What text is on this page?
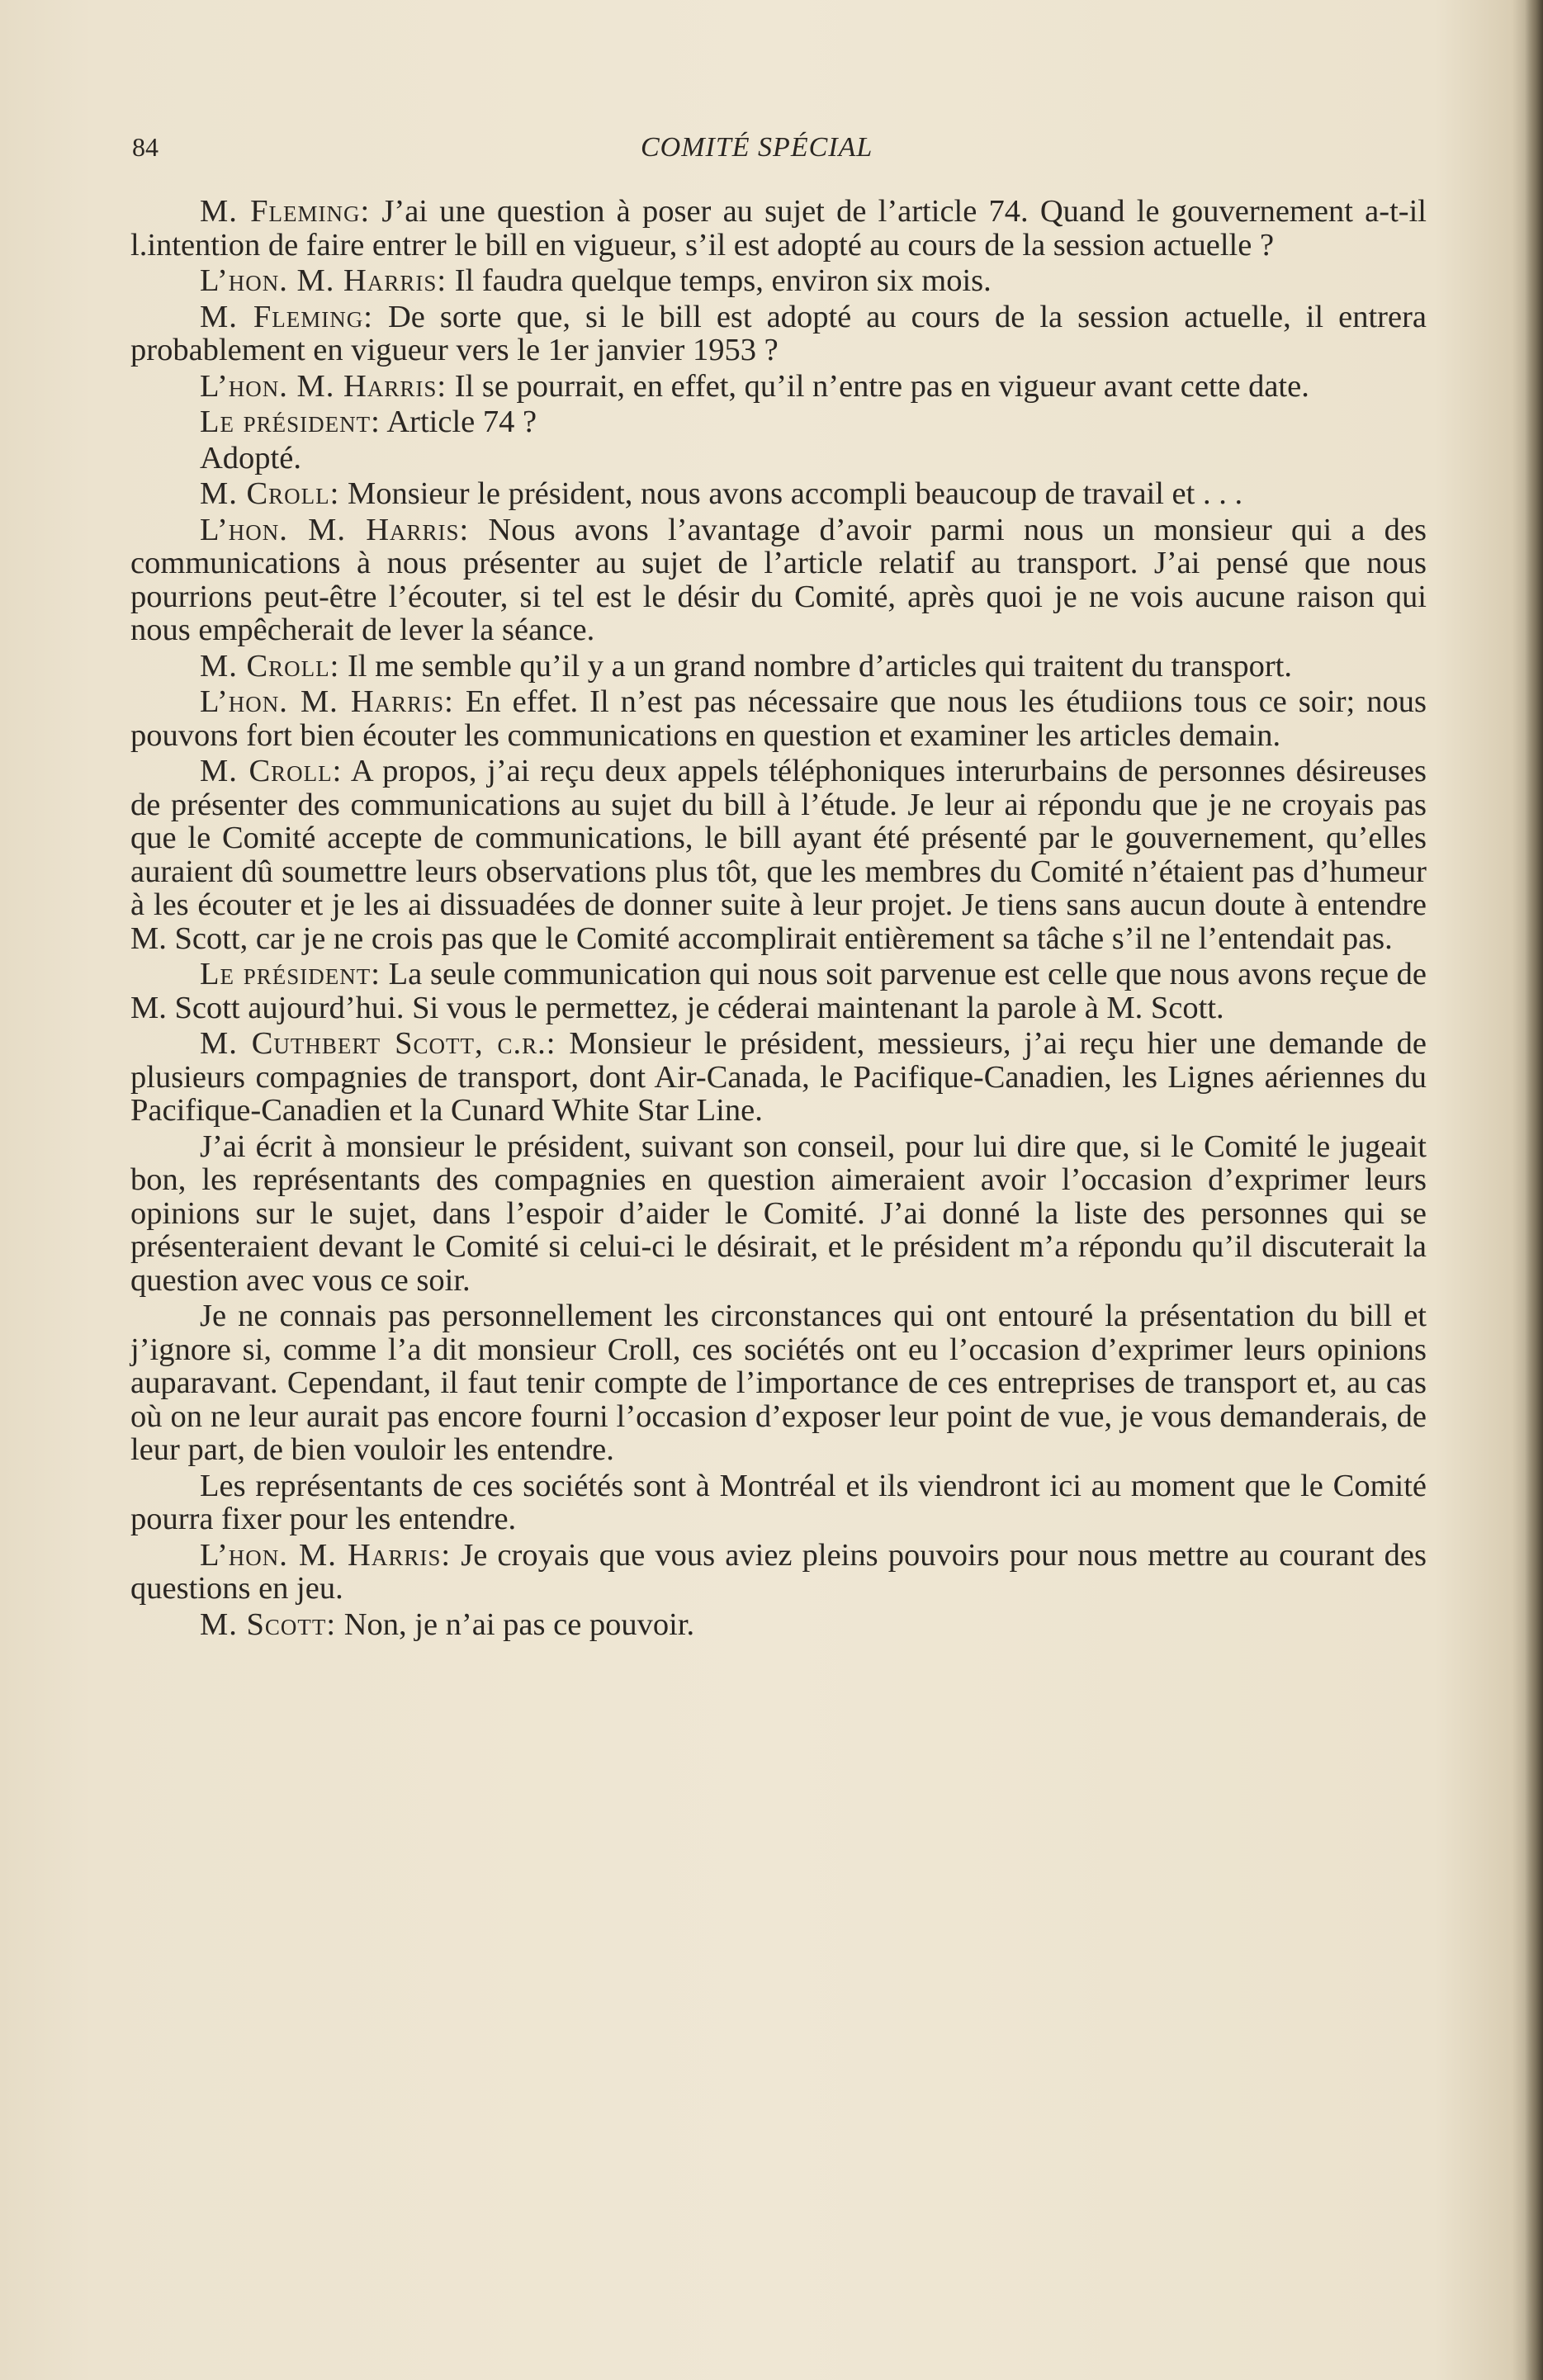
84	COMITÉ SPÉCIAL

M. Fleming: J’ai une question à poser au sujet de l’article 74. Quand le gouvernement a-t-il l.intention de faire entrer le bill en vigueur, s’il est adopté au cours de la session actuelle ?

L’hon. M. Harris: Il faudra quelque temps, environ six mois.

M. Fleming: De sorte que, si le bill est adopté au cours de la session actuelle, il entrera probablement en vigueur vers le 1er janvier 1953 ?

L’hon. M. Harris: Il se pourrait, en effet, qu’il n’entre pas en vigueur avant cette date.

Le président: Article 74 ?

Adopté.

M. Croll: Monsieur le président, nous avons accompli beaucoup de travail et . . .

L’hon. M. Harris: Nous avons l’avantage d’avoir parmi nous un monsieur qui a des communications à nous présenter au sujet de l’article relatif au transport. J’ai pensé que nous pourrions peut-être l’écouter, si tel est le désir du Comité, après quoi je ne vois aucune raison qui nous empêcherait de lever la séance.

M. Croll: Il me semble qu’il y a un grand nombre d’articles qui traitent du transport.

L’hon. M. Harris: En effet. Il n’est pas nécessaire que nous les étudiions tous ce soir; nous pouvons fort bien écouter les communications en question et examiner les articles demain.

M. Croll: A propos, j’ai reçu deux appels téléphoniques interurbains de personnes désireuses de présenter des communications au sujet du bill à l’étude. Je leur ai répondu que je ne croyais pas que le Comité accepte de communications, le bill ayant été présenté par le gouvernement, qu’elles auraient dû soumettre leurs observations plus tôt, que les membres du Comité n’étaient pas d’humeur à les écouter et je les ai dissuadées de donner suite à leur projet. Je tiens sans aucun doute à entendre M. Scott, car je ne crois pas que le Comité accomplirait entièrement sa tâche s’il ne l’entendait pas.

Le président: La seule communication qui nous soit parvenue est celle que nous avons reçue de M. Scott aujourd’hui. Si vous le permettez, je céderai maintenant la parole à M. Scott.

M. Cuthbert Scott, c.r.: Monsieur le président, messieurs, j’ai reçu hier une demande de plusieurs compagnies de transport, dont Air-Canada, le Pacifique-Canadien, les Lignes aériennes du Pacifique-Canadien et la Cunard White Star Line.

J’ai écrit à monsieur le président, suivant son conseil, pour lui dire que, si le Comité le jugeait bon, les représentants des compagnies en question aimeraient avoir l’occasion d’exprimer leurs opinions sur le sujet, dans l’espoir d’aider le Comité. J’ai donné la liste des personnes qui se présenteraient devant le Comité si celui-ci le désirait, et le président m’a répondu qu’il discuterait la question avec vous ce soir.

Je ne connais pas personnellement les circonstances qui ont entouré la présentation du bill et j’ignore si, comme l’a dit monsieur Croll, ces sociétés ont eu l’occasion d’exprimer leurs opinions auparavant. Cependant, il faut tenir compte de l’importance de ces entreprises de transport et, au cas où on ne leur aurait pas encore fourni l’occasion d’exposer leur point de vue, je vous demanderais, de leur part, de bien vouloir les entendre.

Les représentants de ces sociétés sont à Montréal et ils viendront ici au moment que le Comité pourra fixer pour les entendre.

L’hon. M. Harris: Je croyais que vous aviez pleins pouvoirs pour nous mettre au courant des questions en jeu.

M. Scott: Non, je n’ai pas ce pouvoir.
